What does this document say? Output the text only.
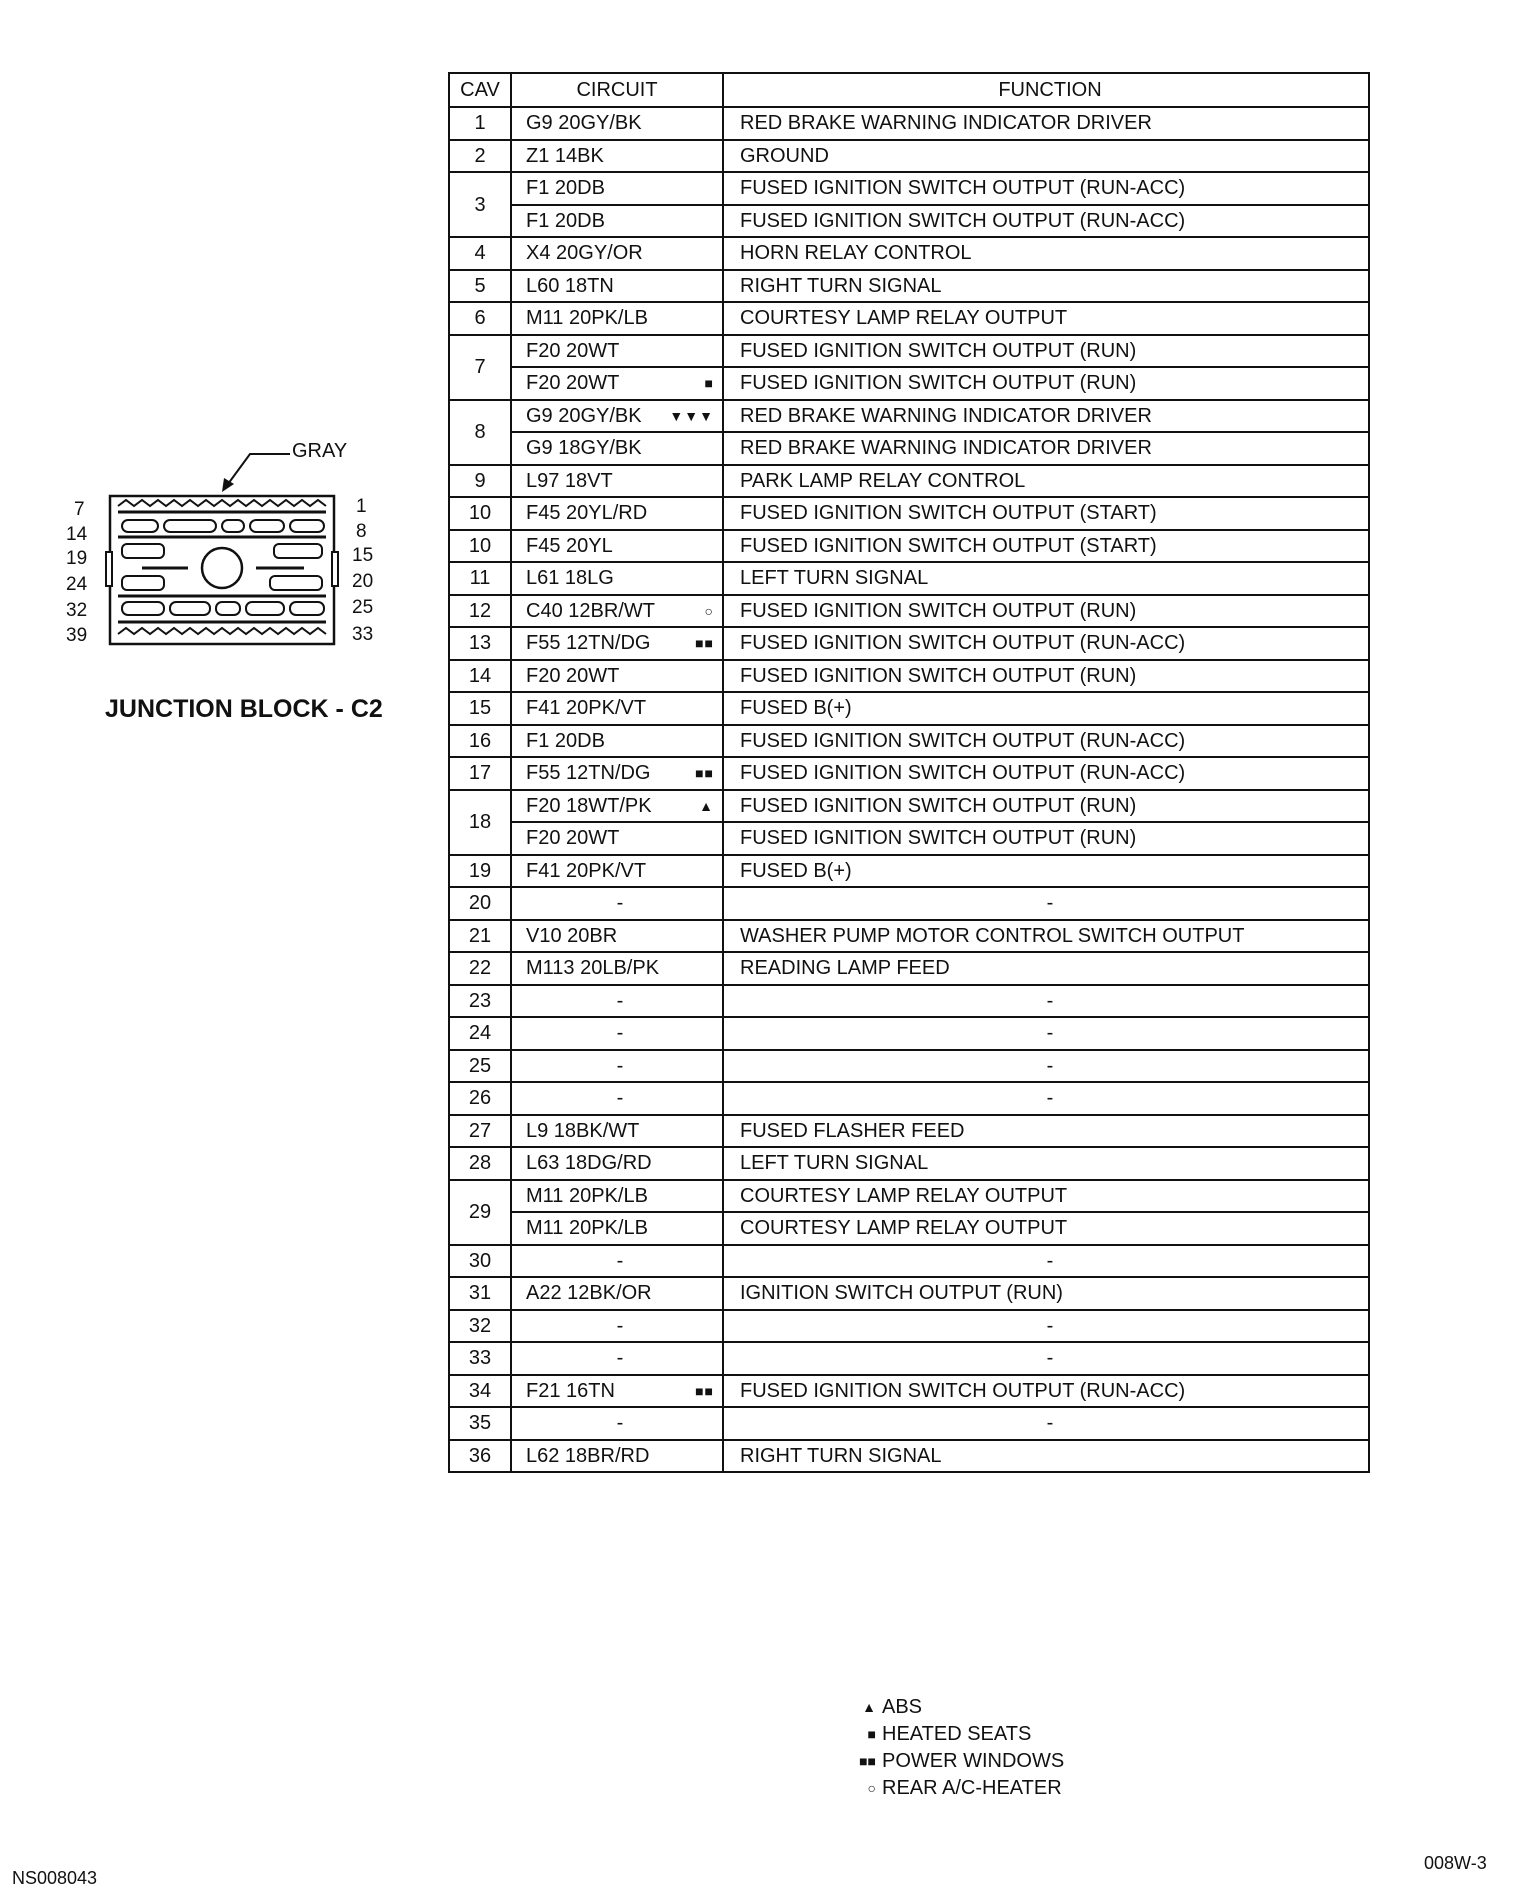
GRAY
7
14
19
24
32
39
1
8
15
20
25
33
JUNCTION BLOCK - C2
CAV	CIRCUIT	FUNCTION
1	G9 20GY/BK	RED BRAKE WARNING INDICATOR DRIVER
2	Z1 14BK	GROUND
3	F1 20DB	FUSED IGNITION SWITCH OUTPUT (RUN-ACC)
	F1 20DB	FUSED IGNITION SWITCH OUTPUT (RUN-ACC)
4	X4 20GY/OR	HORN RELAY CONTROL
5	L60 18TN	RIGHT TURN SIGNAL
6	M11 20PK/LB	COURTESY LAMP RELAY OUTPUT
7	F20 20WT	FUSED IGNITION SWITCH OUTPUT (RUN)
	F20 20WT ■	FUSED IGNITION SWITCH OUTPUT (RUN)
8	G9 20GY/BK ▼▼▼	RED BRAKE WARNING INDICATOR DRIVER
	G9 18GY/BK	RED BRAKE WARNING INDICATOR DRIVER
9	L97 18VT	PARK LAMP RELAY CONTROL
10	F45 20YL/RD	FUSED IGNITION SWITCH OUTPUT (START)
10	F45 20YL	FUSED IGNITION SWITCH OUTPUT (START)
11	L61 18LG	LEFT TURN SIGNAL
12	C40 12BR/WT ○	FUSED IGNITION SWITCH OUTPUT (RUN)
13	F55 12TN/DG ■■	FUSED IGNITION SWITCH OUTPUT (RUN-ACC)
14	F20 20WT	FUSED IGNITION SWITCH OUTPUT (RUN)
15	F41 20PK/VT	FUSED B(+)
16	F1 20DB	FUSED IGNITION SWITCH OUTPUT (RUN-ACC)
17	F55 12TN/DG ■■	FUSED IGNITION SWITCH OUTPUT (RUN-ACC)
18	F20 18WT/PK ▲	FUSED IGNITION SWITCH OUTPUT (RUN)
	F20 20WT	FUSED IGNITION SWITCH OUTPUT (RUN)
19	F41 20PK/VT	FUSED B(+)
20	-	-
21	V10 20BR	WASHER PUMP MOTOR CONTROL SWITCH OUTPUT
22	M113 20LB/PK	READING LAMP FEED
23	-	-
24	-	-
25	-	-
26	-	-
27	L9 18BK/WT	FUSED FLASHER FEED
28	L63 18DG/RD	LEFT TURN SIGNAL
29	M11 20PK/LB	COURTESY LAMP RELAY OUTPUT
	M11 20PK/LB	COURTESY LAMP RELAY OUTPUT
30	-	-
31	A22 12BK/OR	IGNITION SWITCH OUTPUT (RUN)
32	-	-
33	-	-
34	F21 16TN ■■	FUSED IGNITION SWITCH OUTPUT (RUN-ACC)
35	-	-
36	L62 18BR/RD	RIGHT TURN SIGNAL
▲ ABS
■ HEATED SEATS
■■ POWER WINDOWS
○ REAR A/C-HEATER
NS008043
008W-3
